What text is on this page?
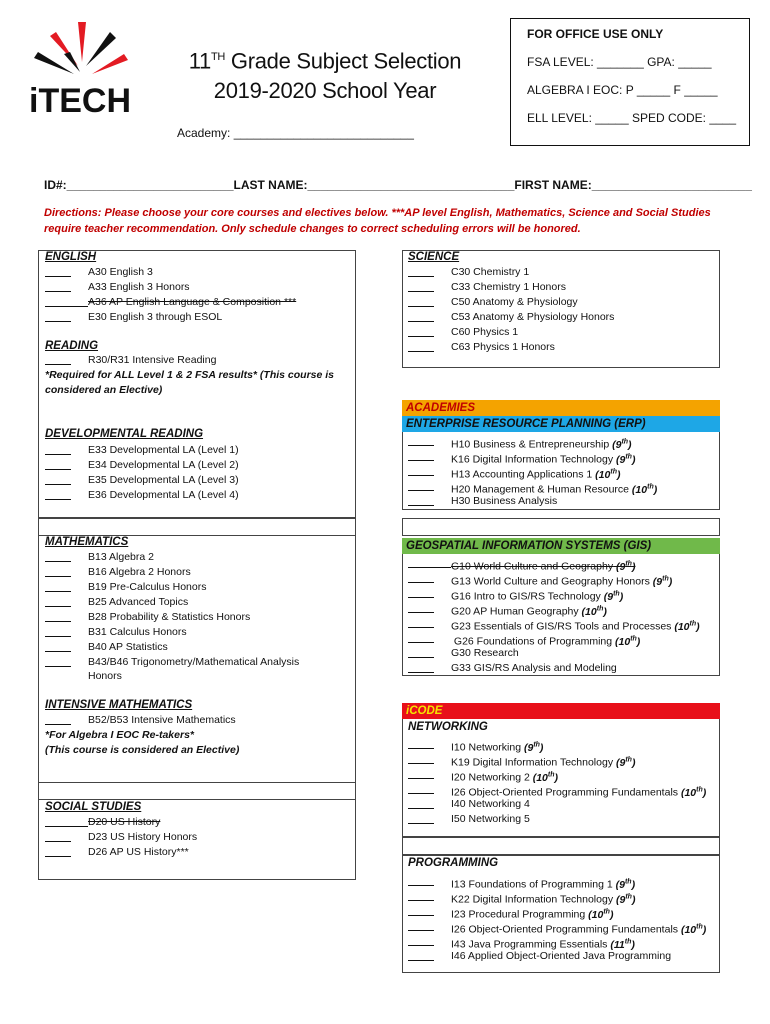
iTECH
11TH Grade Subject Selection
2019-2020 School Year
Academy: ___________________________
FOR OFFICE USE ONLY
FSA LEVEL: _______ GPA: _____
ALGEBRA I EOC: P _____ F _____
ELL LEVEL: _____ SPED CODE: ____
ID#:_________________________LAST NAME:_______________________________FIRST NAME:________________________
Directions: Please choose your core courses and electives below. ***AP level English, Mathematics, Science and Social Studies require teacher recommendation. Only schedule changes to correct scheduling errors will be honored.
ENGLISH
A30 English 3
A33 English 3 Honors
A36 AP English Language & Composition ***
E30 English 3 through ESOL
READING
R30/R31 Intensive Reading
*Required for ALL Level 1 & 2 FSA results* (This course is considered an Elective)
DEVELOPMENTAL READING
E33 Developmental LA (Level 1)
E34 Developmental LA (Level 2)
E35 Developmental LA (Level 3)
E36 Developmental LA (Level 4)
MATHEMATICS
B13 Algebra 2
B16 Algebra 2 Honors
B19 Pre-Calculus Honors
B25 Advanced Topics
B28 Probability & Statistics Honors
B31 Calculus Honors
B40 AP Statistics
B43/B46 Trigonometry/Mathematical Analysis
Honors
INTENSIVE MATHEMATICS
B52/B53 Intensive Mathematics
*For Algebra I EOC Re-takers*
(This course is considered an Elective)
SOCIAL STUDIES
D20 US History
D23 US History Honors
D26 AP US History***
SCIENCE
C30 Chemistry 1
C33 Chemistry 1 Honors
C50 Anatomy & Physiology
C53 Anatomy & Physiology Honors
C60 Physics 1
C63 Physics 1 Honors
ACADEMIES
ENTERPRISE RESOURCE PLANNING (ERP)
H10 Business & Entrepreneurship (9th)
K16 Digital Information Technology (9th)
H13 Accounting Applications 1 (10th)
H20 Management & Human Resource (10th)
H30 Business Analysis
GEOSPATIAL INFORMATION SYSTEMS (GIS)
G10 World Culture and Geography (9th)
G13 World Culture and Geography Honors (9th)
G16 Intro to GIS/RS Technology (9th)
G20 AP Human Geography (10th)
G23 Essentials of GIS/RS Tools and Processes (10th)
G26 Foundations of Programming (10th)
G30 Research
G33 GIS/RS Analysis and Modeling
iCODE
NETWORKING
I10 Networking (9th)
K19 Digital Information Technology (9th)
I20 Networking 2 (10th)
I26 Object-Oriented Programming Fundamentals (10th)
I40 Networking 4
I50 Networking 5
PROGRAMMING
I13 Foundations of Programming 1 (9th)
K22 Digital Information Technology (9th)
I23 Procedural Programming (10th)
I26 Object-Oriented Programming Fundamentals (10th)
I43 Java Programming Essentials (11th)
I46 Applied Object-Oriented Java Programming
